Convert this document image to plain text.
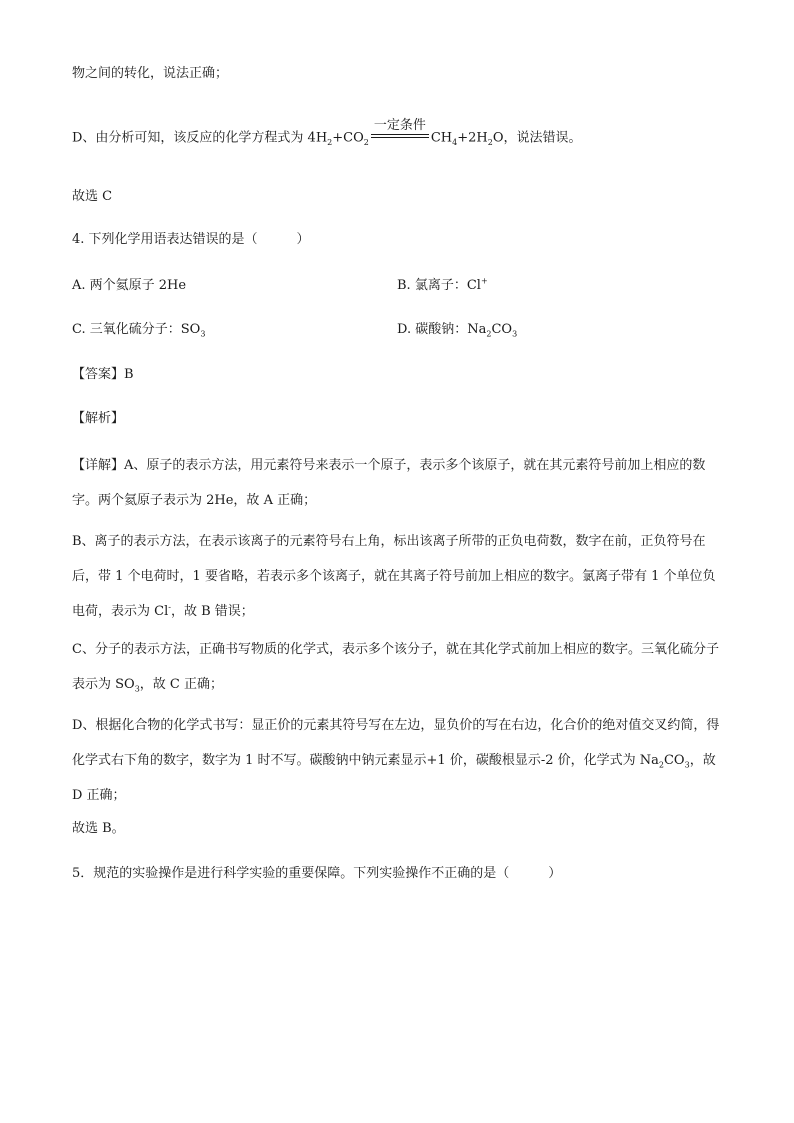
物之间的转化，说法正确；
D、由分析可知，该反应的化学方程式为 $4H_2+CO_2$
一定条件
$CH_4+2H_2O$，说法错误。
故选 C
4. 下列化学用语表达错误的是（　　　）
A. 两个氦原子 2He	B. 氯离子：Cl+
C. 三氧化硫分子：$SO_3$	D. 碳酸钠：$Na_2CO_3$
【答案】B
【解析】
【详解】A、原子的表示方法，用元素符号来表示一个原子，表示多个该原子，就在其元素符号前加上相应的数字。两个氦原子表示为 2He，故 A 正确；
B、离子的表示方法，在表示该离子的元素符号右上角，标出该离子所带的正负电荷数，数字在前，正负符号在后，带 1 个电荷时，1 要省略，若表示多个该离子，就在其离子符号前加上相应的数字。氯离子带有 1 个单位负电荷，表示为 Cl-，故 B 错误；
C、分子的表示方法，正确书写物质的化学式，表示多个该分子，就在其化学式前加上相应的数字。三氧化硫分子表示为 $SO_3$，故 C 正确；
D、根据化合物的化学式书写：显正价的元素其符号写在左边，显负价的写在右边，化合价的绝对值交叉约简，得化学式右下角的数字，数字为 1 时不写。碳酸钠中钠元素显示+1 价，碳酸根显示-2 价，化学式为 $Na_2CO_3$，故 D 正确；
故选 B。
5．规范的实验操作是进行科学实验的重要保障。下列实验操作不正确的是（　　　）
